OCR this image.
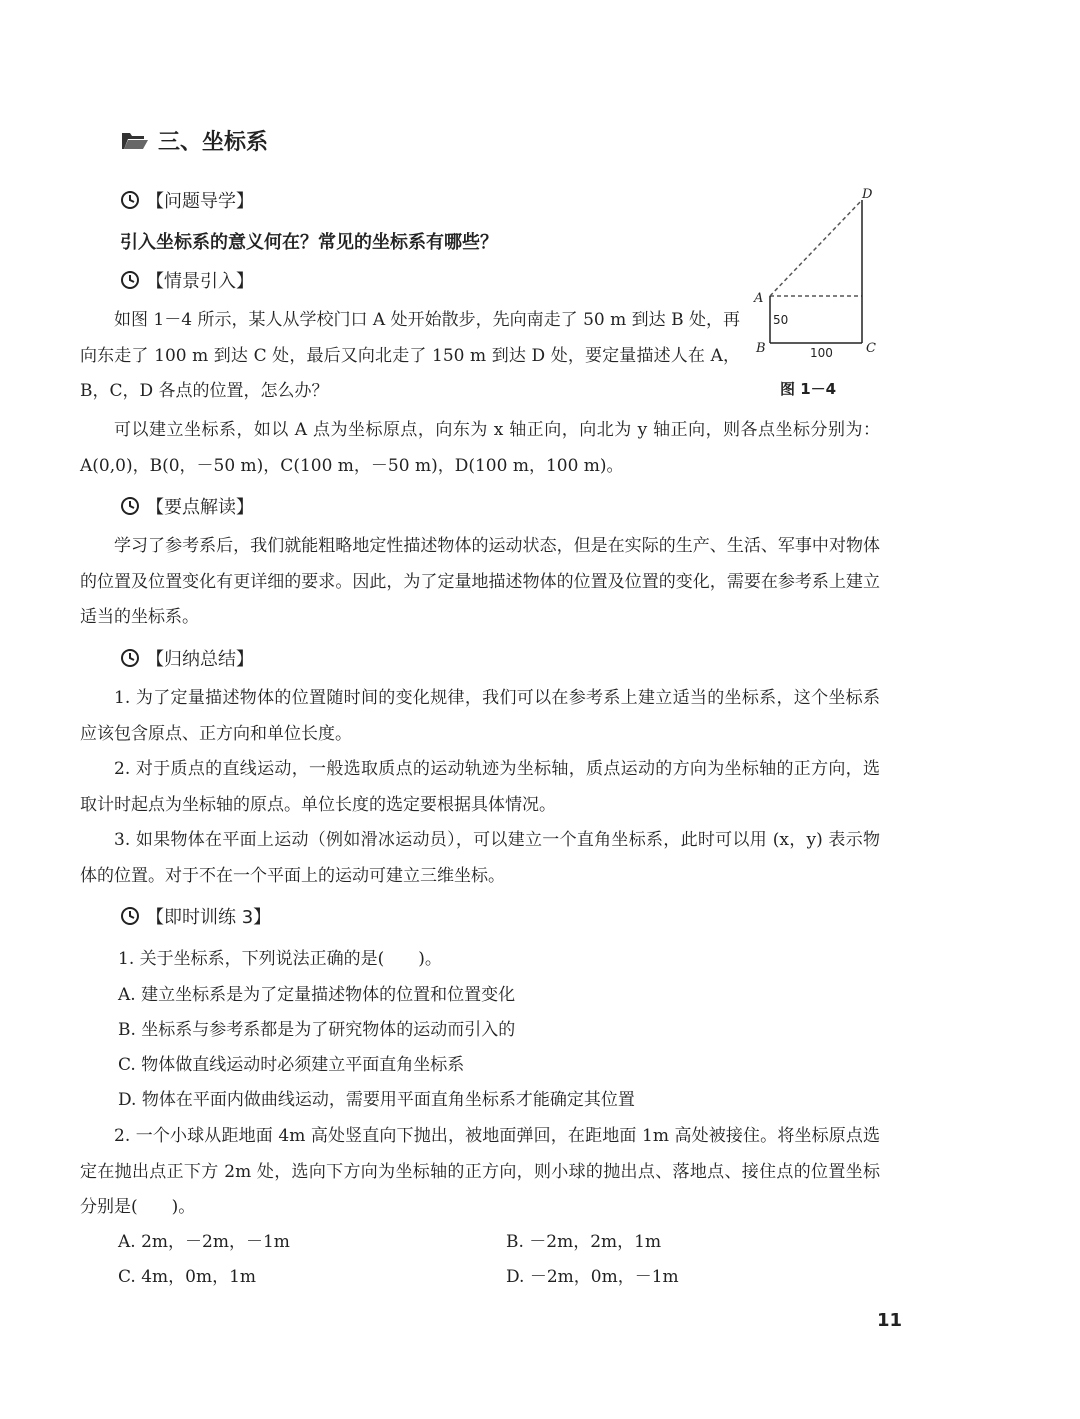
三、坐标系
【问题导学】
引入坐标系的意义何在？常见的坐标系有哪些？
【情景引入】
如图 1－4 所示，某人从学校门口 A 处开始散步，先向南走了 50 m 到达 B 处，再向东走了 100 m 到达 C 处，最后又向北走了 150 m 到达 D 处，要定量描述人在 A，B，C，D 各点的位置，怎么办？
A
B	C
D
50
100
图 1－4
可以建立坐标系，如以 A 点为坐标原点，向东为 x 轴正向，向北为 y 轴正向，则各点坐标分别为：A(0,0)，B(0，－50 m)，C(100 m，－50 m)，D(100 m，100 m)。
【要点解读】
学习了参考系后，我们就能粗略地定性描述物体的运动状态，但是在实际的生产、生活、军事中对物体的位置及位置变化有更详细的要求。因此，为了定量地描述物体的位置及位置的变化，需要在参考系上建立适当的坐标系。
【归纳总结】
1. 为了定量描述物体的位置随时间的变化规律，我们可以在参考系上建立适当的坐标系，这个坐标系应该包含原点、正方向和单位长度。
2. 对于质点的直线运动，一般选取质点的运动轨迹为坐标轴，质点运动的方向为坐标轴的正方向，选取计时起点为坐标轴的原点。单位长度的选定要根据具体情况。
3. 如果物体在平面上运动（例如滑冰运动员），可以建立一个直角坐标系，此时可以用 (x，y) 表示物体的位置。对于不在一个平面上的运动可建立三维坐标。
【即时训练 3】
1. 关于坐标系，下列说法正确的是(　　)。
A. 建立坐标系是为了定量描述物体的位置和位置变化
B. 坐标系与参考系都是为了研究物体的运动而引入的
C. 物体做直线运动时必须建立平面直角坐标系
D. 物体在平面内做曲线运动，需要用平面直角坐标系才能确定其位置
2. 一个小球从距地面 4m 高处竖直向下抛出，被地面弹回，在距地面 1m 高处被接住。将坐标原点选定在抛出点正下方 2m 处，选向下方向为坐标轴的正方向，则小球的抛出点、落地点、接住点的位置坐标分别是(　　)。
A. 2m，－2m，－1m	B. －2m，2m，1m
C. 4m，0m，1m	D. －2m，0m，－1m
11
